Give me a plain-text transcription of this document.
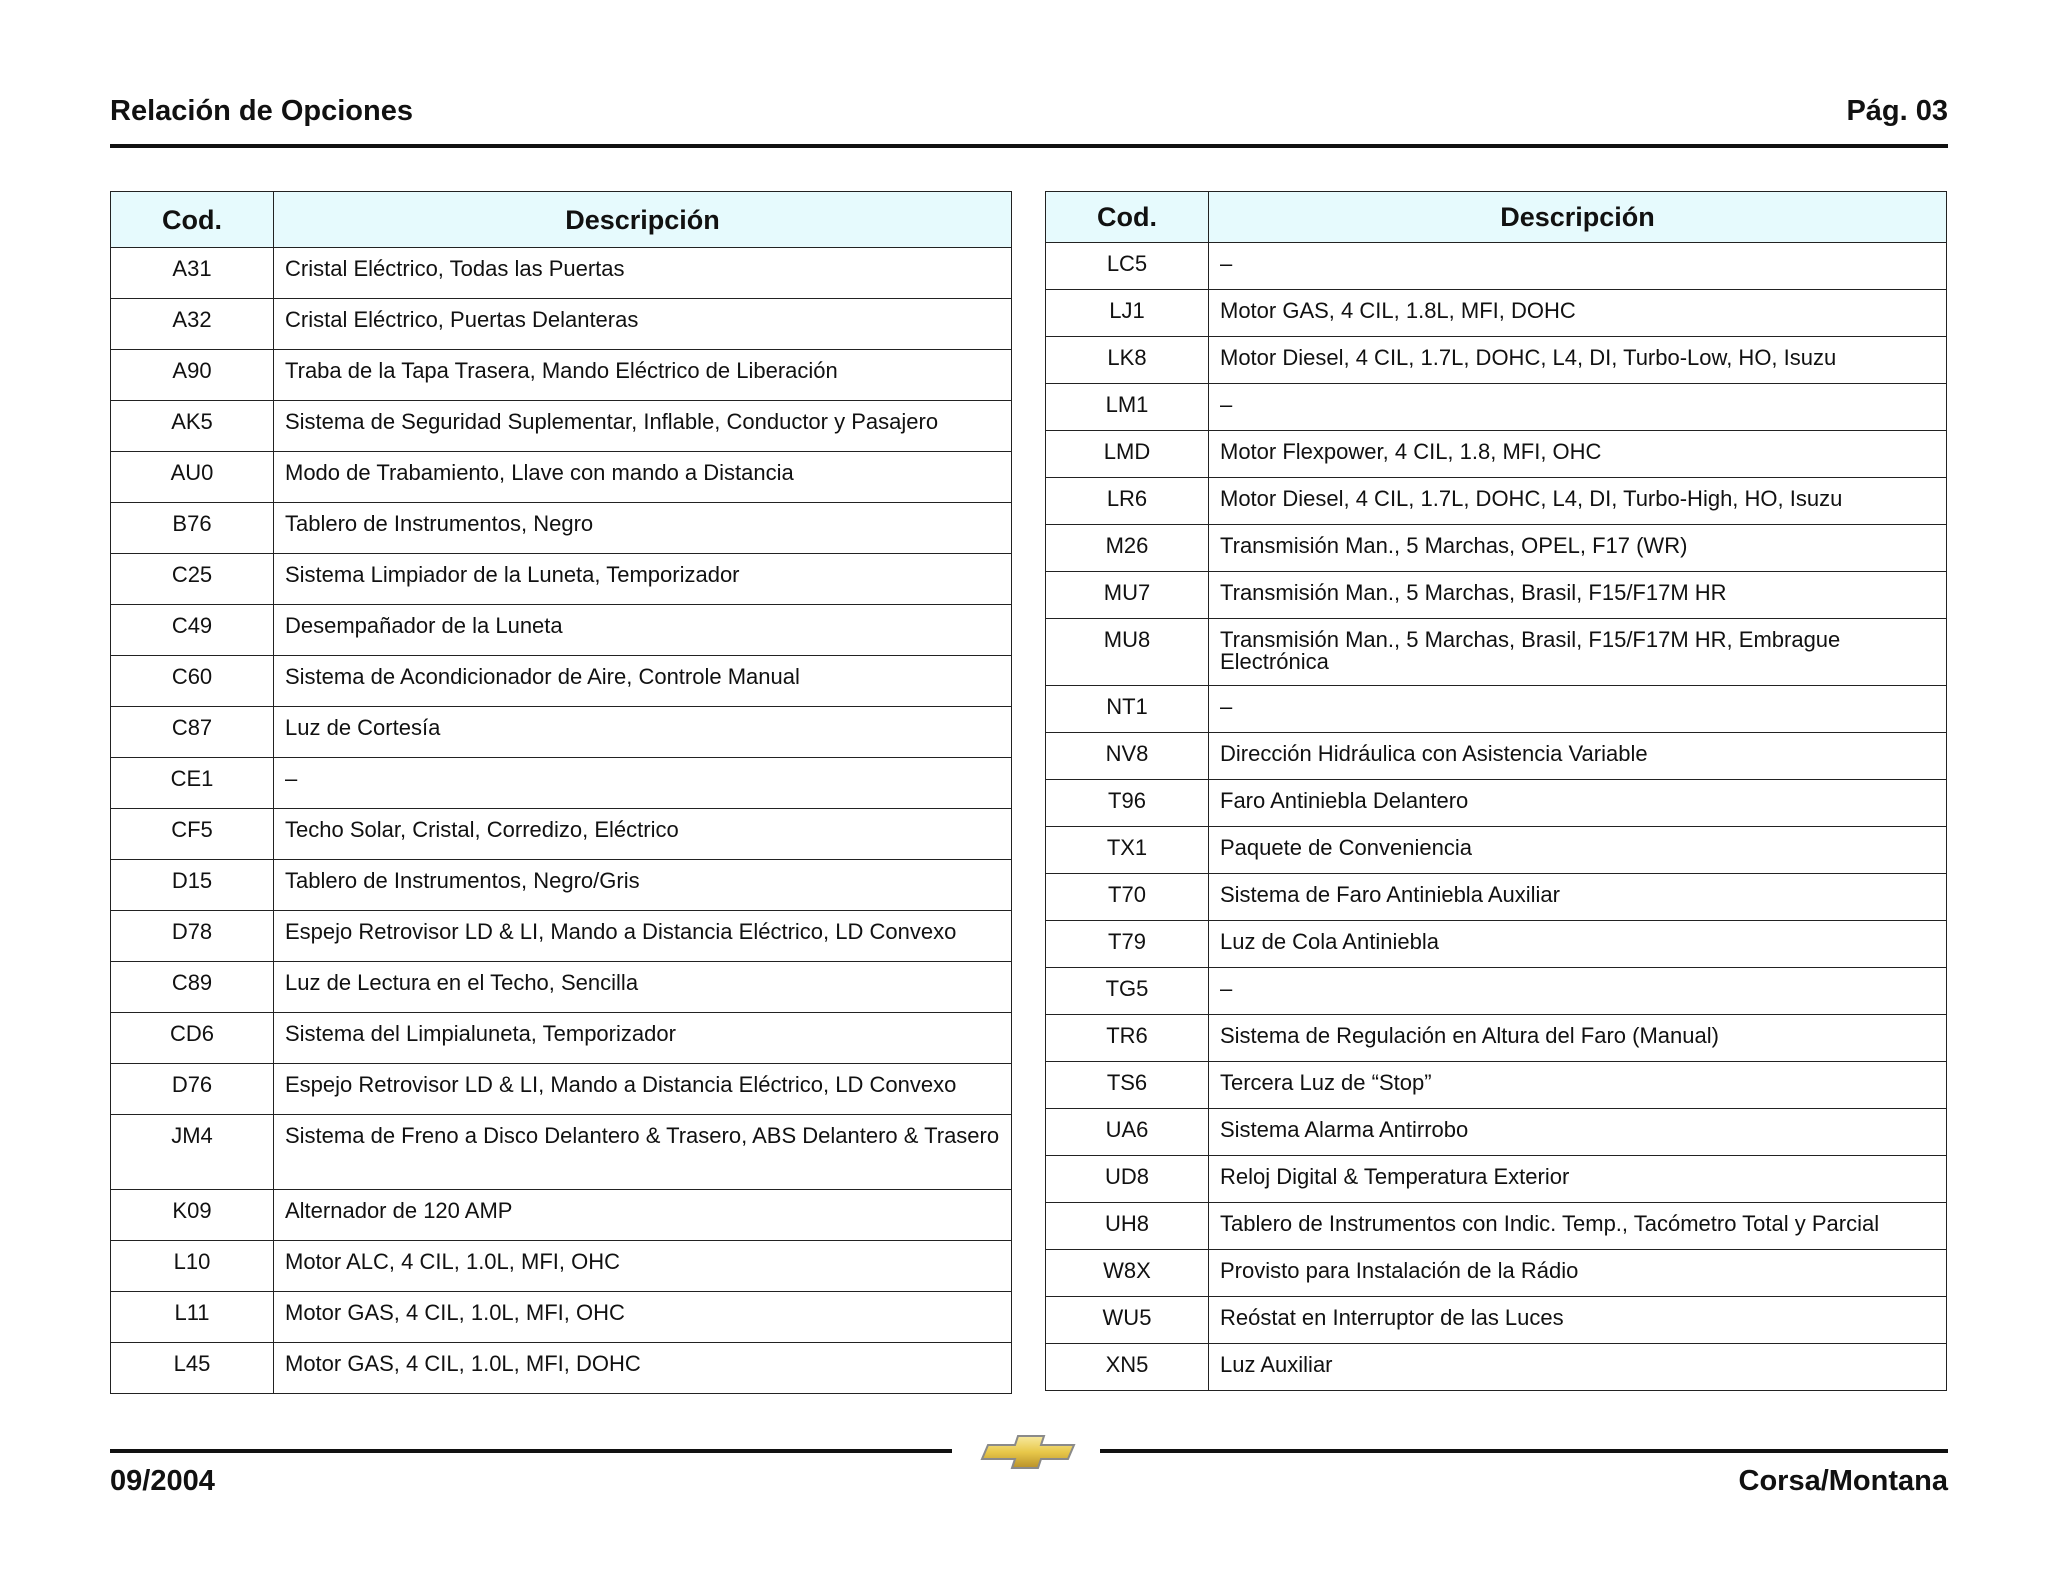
Relación de Opciones	Pág. 03
Cod.	Descripción
A31	Cristal Eléctrico, Todas las Puertas
A32	Cristal Eléctrico, Puertas Delanteras
A90	Traba de la Tapa Trasera, Mando Eléctrico de Liberación
AK5	Sistema de Seguridad Suplementar, Inflable, Conductor y Pasajero
AU0	Modo de Trabamiento, Llave con mando a Distancia
B76	Tablero de Instrumentos, Negro
C25	Sistema Limpiador de la Luneta, Temporizador
C49	Desempañador de la Luneta
C60	Sistema de Acondicionador de Aire, Controle Manual
C87	Luz de Cortesía
CE1	–
CF5	Techo Solar, Cristal, Corredizo, Eléctrico
D15	Tablero de Instrumentos, Negro/Gris
D78	Espejo Retrovisor LD & LI, Mando a Distancia Eléctrico, LD Convexo
C89	Luz de Lectura en el Techo, Sencilla
CD6	Sistema del Limpialuneta, Temporizador
D76	Espejo Retrovisor LD & LI, Mando a Distancia Eléctrico, LD Convexo
JM4	Sistema de Freno a Disco Delantero & Trasero, ABS Delantero & Trasero
K09	Alternador de 120 AMP
L10	Motor ALC, 4 CIL, 1.0L, MFI, OHC
L11	Motor GAS, 4 CIL, 1.0L, MFI, OHC
L45	Motor GAS, 4 CIL, 1.0L, MFI, DOHC
Cod.	Descripción
LC5	–
LJ1	Motor GAS, 4 CIL, 1.8L, MFI, DOHC
LK8	Motor Diesel, 4 CIL, 1.7L, DOHC, L4, DI, Turbo-Low, HO, Isuzu
LM1	–
LMD	Motor Flexpower, 4 CIL, 1.8, MFI, OHC
LR6	Motor Diesel, 4 CIL, 1.7L, DOHC, L4, DI, Turbo-High, HO, Isuzu
M26	Transmisión Man., 5 Marchas, OPEL, F17 (WR)
MU7	Transmisión Man., 5 Marchas, Brasil, F15/F17M HR
MU8	Transmisión Man., 5 Marchas, Brasil, F15/F17M HR, Embrague Electrónica
NT1	–
NV8	Dirección Hidráulica con Asistencia Variable
T96	Faro Antiniebla Delantero
TX1	Paquete de Conveniencia
T70	Sistema de Faro Antiniebla Auxiliar
T79	Luz de Cola Antiniebla
TG5	–
TR6	Sistema de Regulación en Altura del Faro (Manual)
TS6	Tercera Luz de “Stop”
UA6	Sistema Alarma Antirrobo
UD8	Reloj Digital & Temperatura Exterior
UH8	Tablero de Instrumentos con Indic. Temp., Tacómetro Total y Parcial
W8X	Provisto para Instalación de la Rádio
WU5	Reóstat en Interruptor de las Luces
XN5	Luz Auxiliar
09/2004	Corsa/Montana
